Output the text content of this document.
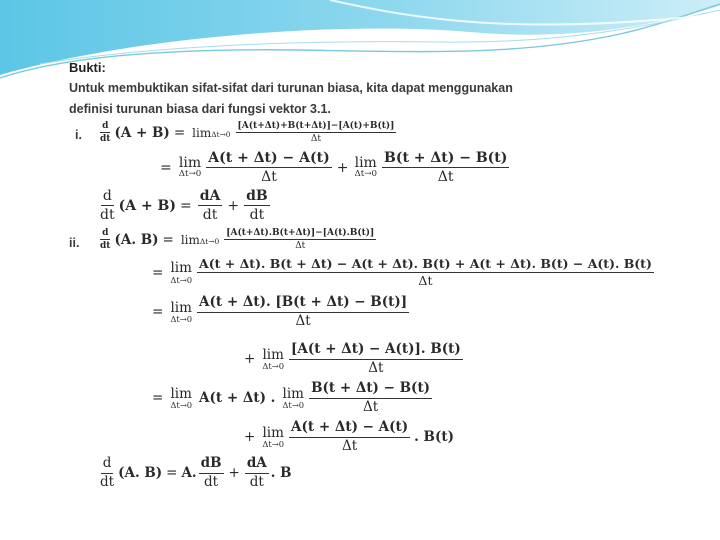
Bukti:
Untuk membuktikan sifat-sifat dari turunan biasa, kita dapat menggunakan
definisi turunan biasa dari fungsi vektor 3.1.
i. $\frac{d}{dt} (A + B) = \lim \Delta t\to 0 \frac{[A(t+\Delta t)+B(t+\Delta t)]-[A(t)+B(t)]}{\Delta t}$
= lim
$\Delta t\to 0 \frac{A(t + \Delta t) - A(t)}{\Delta t} + \lim$
$\Delta t\to 0 \frac{B(t + \Delta t) - B(t)}{\Delta t}$
$\frac{d}{dt} (A + B) = \frac{dA}{dt} + \frac{dB}{dt}$
ii. $\frac{d}{dt} (A$. $B) = \lim \Delta t\to 0 \frac{[A(t+\Delta t).B(t+\Delta t)]-[A(t).B(t)]}{\Delta t}$
= lim
Δt→0
A(t + Δt). B(t + Δt) − A(t + Δt). B(t) + A(t + Δt). B(t) − A(t). B(t)
Δt
= lim
$\Delta t\to 0 \frac{A(t + \Delta t). [B(t + \Delta t) - B(t)]}{\Delta t}$
+ lim
$\Delta t\to 0 \frac{[A(t + \Delta t) - A(t)]. B(t)}{\Delta t}$
= lim
Δt→0 A(t + Δt) . lim
$\Delta t\to 0 \frac{B(t + \Delta t) - B(t)}{\Delta t}$
+ lim
$\Delta t\to 0 \frac{A(t + \Delta t) - A(t)}{\Delta t}$ . B(t)
$\frac{d}{dt} (A$. B) = A. $\frac{dB}{dt} + \frac{dA}{dt}$ . B
